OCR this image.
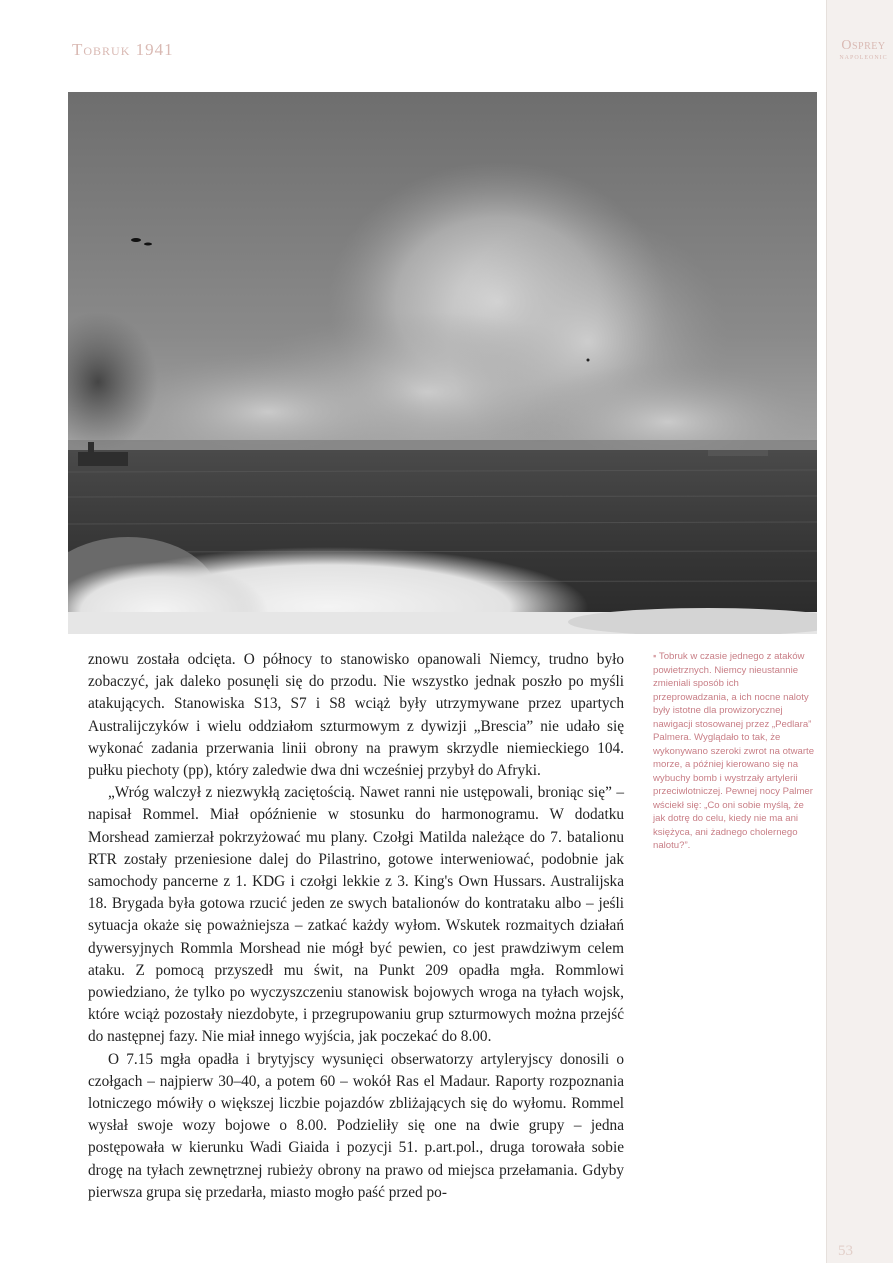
Tobruk 1941	Osprey
NAPOLEONIC

znowu została odcięta. O północy to stanowisko opanowali Niemcy, trudno było zobaczyć, jak daleko posunęli się do przodu. Nie wszystko jednak poszło po myśli atakujących. Stanowiska S13, S7 i S8 wciąż były utrzymywane przez upartych Australijczyków i wielu oddziałom szturmowym z dywizji „Brescia” nie udało się wykonać zadania przerwania linii obrony na prawym skrzydle niemieckiego 104. pułku piechoty (pp), który zaledwie dwa dni wcześniej przybył do Afryki.

„Wróg walczył z niezwykłą zaciętością. Nawet ranni nie ustępowali, broniąc się” – napisał Rommel. Miał opóźnienie w stosunku do harmonogramu. W dodatku Morshead zamierzał pokrzyżować mu plany. Czołgi Matilda należące do 7. batalionu RTR zostały przeniesione dalej do Pilastrino, gotowe interweniować, podobnie jak samochody pancerne z 1. KDG i czołgi lekkie z 3. King's Own Hussars. Australijska 18. Brygada była gotowa rzucić jeden ze swych batalionów do kontrataku albo – jeśli sytuacja okaże się poważniejsza – zatkać każdy wyłom. Wskutek rozmaitych działań dywersyjnych Rommla Morshead nie mógł być pewien, co jest prawdziwym celem ataku. Z pomocą przyszedł mu świt, na Punkt 209 opadła mgła. Rommlowi powiedziano, że tylko po wyczyszczeniu stanowisk bojowych wroga na tyłach wojsk, które wciąż pozostały niezdobyte, i przegrupowaniu grup szturmowych można przejść do następnej fazy. Nie miał innego wyjścia, jak poczekać do 8.00.

O 7.15 mgła opadła i brytyjscy wysunięci obserwatorzy artyleryjscy donosili o czołgach – najpierw 30–40, a potem 60 – wokół Ras el Madaur. Raporty rozpoznania lotniczego mówiły o większej liczbie pojazdów zbliżających się do wyłomu. Rommel wysłał swoje wozy bojowe o 8.00. Podzieliły się one na dwie grupy – jedna postępowała w kierunku Wadi Giaida i pozycji 51. p.art.pol., druga torowała sobie drogę na tyłach zewnętrznej rubieży obrony na prawo od miejsca przełamania. Gdyby pierwsza grupa się przedarła, miasto mogło paść przed po-

▪ Tobruk w czasie jednego z ataków powietrznych. Niemcy nieustannie zmieniali sposób ich przeprowadzania, a ich nocne naloty były istotne dla prowizorycznej nawigacji stosowanej przez „Pedlara” Palmera. Wyglądało to tak, że wykonywano szeroki zwrot na otwarte morze, a później kierowano się na wybuchy bomb i wystrzały artylerii przeciwlotniczej. Pewnej nocy Palmer wściekł się: „Co oni sobie myślą, że jak dotrę do celu, kiedy nie ma ani księżyca, ani żadnego cholernego nalotu?”.
53
